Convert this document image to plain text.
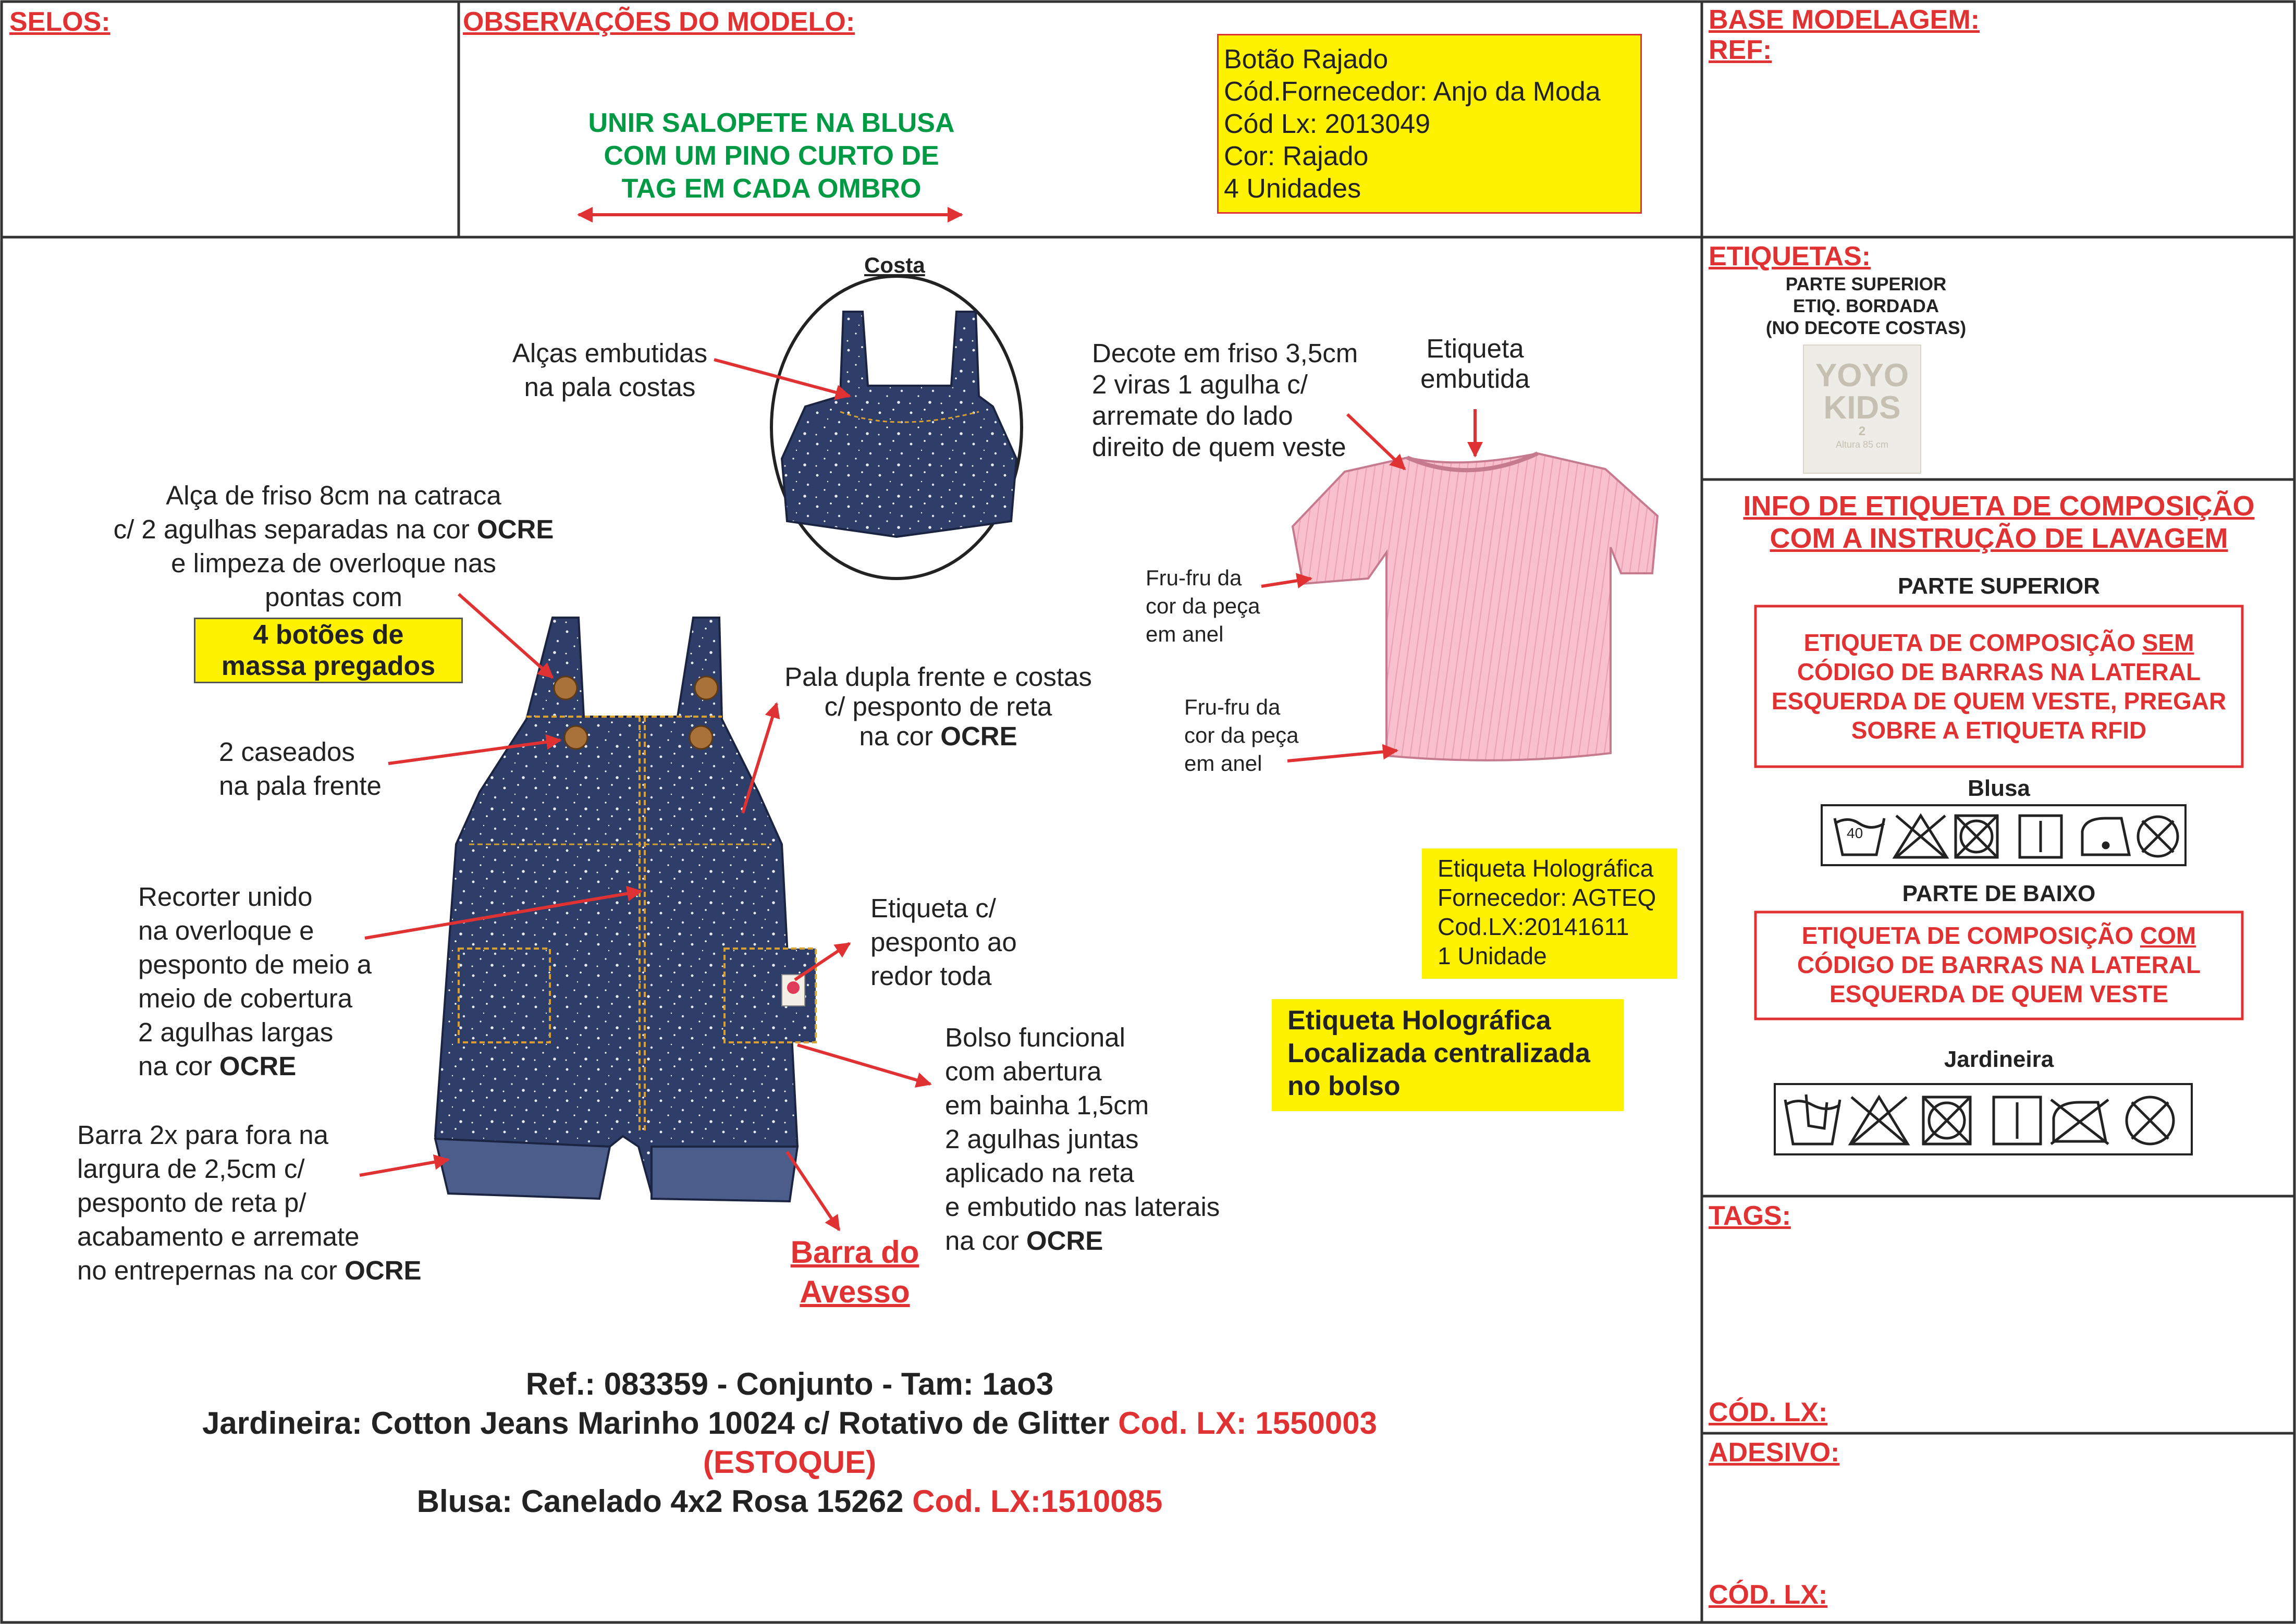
SELOS:	OBSERVAÇÕES DO MODELO:
UNIR SALOPETE NA BLUSA
COM UM PINO CURTO DE
TAG EM CADA OMBRO
Botão Rajado
Cód.Fornecedor: Anjo da Moda
Cód Lx: 2013049
Cor: Rajado
4 Unidades
BASE MODELAGEM:
REF:
ETIQUETAS:
PARTE SUPERIOR
ETIQ. BORDADA
(NO DECOTE COSTAS)
YOYO
KIDS
2
Altura 85 cm
INFO DE ETIQUETA DE COMPOSIÇÃO
COM A INSTRUÇÃO DE LAVAGEM
PARTE SUPERIOR
ETIQUETA DE COMPOSIÇÃO SEM
CÓDIGO DE BARRAS NA LATERAL
ESQUERDA DE QUEM VESTE, PREGAR
SOBRE A ETIQUETA RFID
Blusa
40
PARTE DE BAIXO
ETIQUETA DE COMPOSIÇÃO COM
CÓDIGO DE BARRAS NA LATERAL
ESQUERDA DE QUEM VESTE
Jardineira
TAGS:
CÓD. LX:
ADESIVO:
CÓD. LX:
Costa
Alças embutidas
na pala costas
Alça de friso 8cm na catraca
c/ 2 agulhas separadas na cor OCRE
e limpeza de overloque nas
pontas com
4 botões de
massa pregados
2 caseados
na pala frente
Recorter unido
na overloque e
pesponto de meio a
meio de cobertura
2 agulhas largas
na cor OCRE
Barra 2x para fora na
largura de 2,5cm c/
pesponto de reta p/
acabamento e arremate
no entrepernas na cor OCRE
Pala dupla frente e costas
c/ pesponto de reta
na cor OCRE
Etiqueta c/
pesponto ao
redor toda
Bolso funcional
com abertura
em bainha 1,5cm
2 agulhas juntas
aplicado na reta
e embutido nas laterais
na cor OCRE
Barra do
Avesso
Decote em friso 3,5cm
2 viras 1 agulha c/
arremate do lado
direito de quem veste
Etiqueta
embutida
Fru-fru da
cor da peça
em anel
Fru-fru da
cor da peça
em anel
Etiqueta Holográfica
Fornecedor: AGTEQ
Cod.LX:20141611
1 Unidade
Etiqueta Holográfica
Localizada centralizada
no bolso
Ref.: 083359 - Conjunto - Tam: 1ao3
Jardineira: Cotton Jeans Marinho 10024 c/ Rotativo de Glitter Cod. LX: 1550003
(ESTOQUE)
Blusa: Canelado 4x2 Rosa 15262 Cod. LX:1510085
